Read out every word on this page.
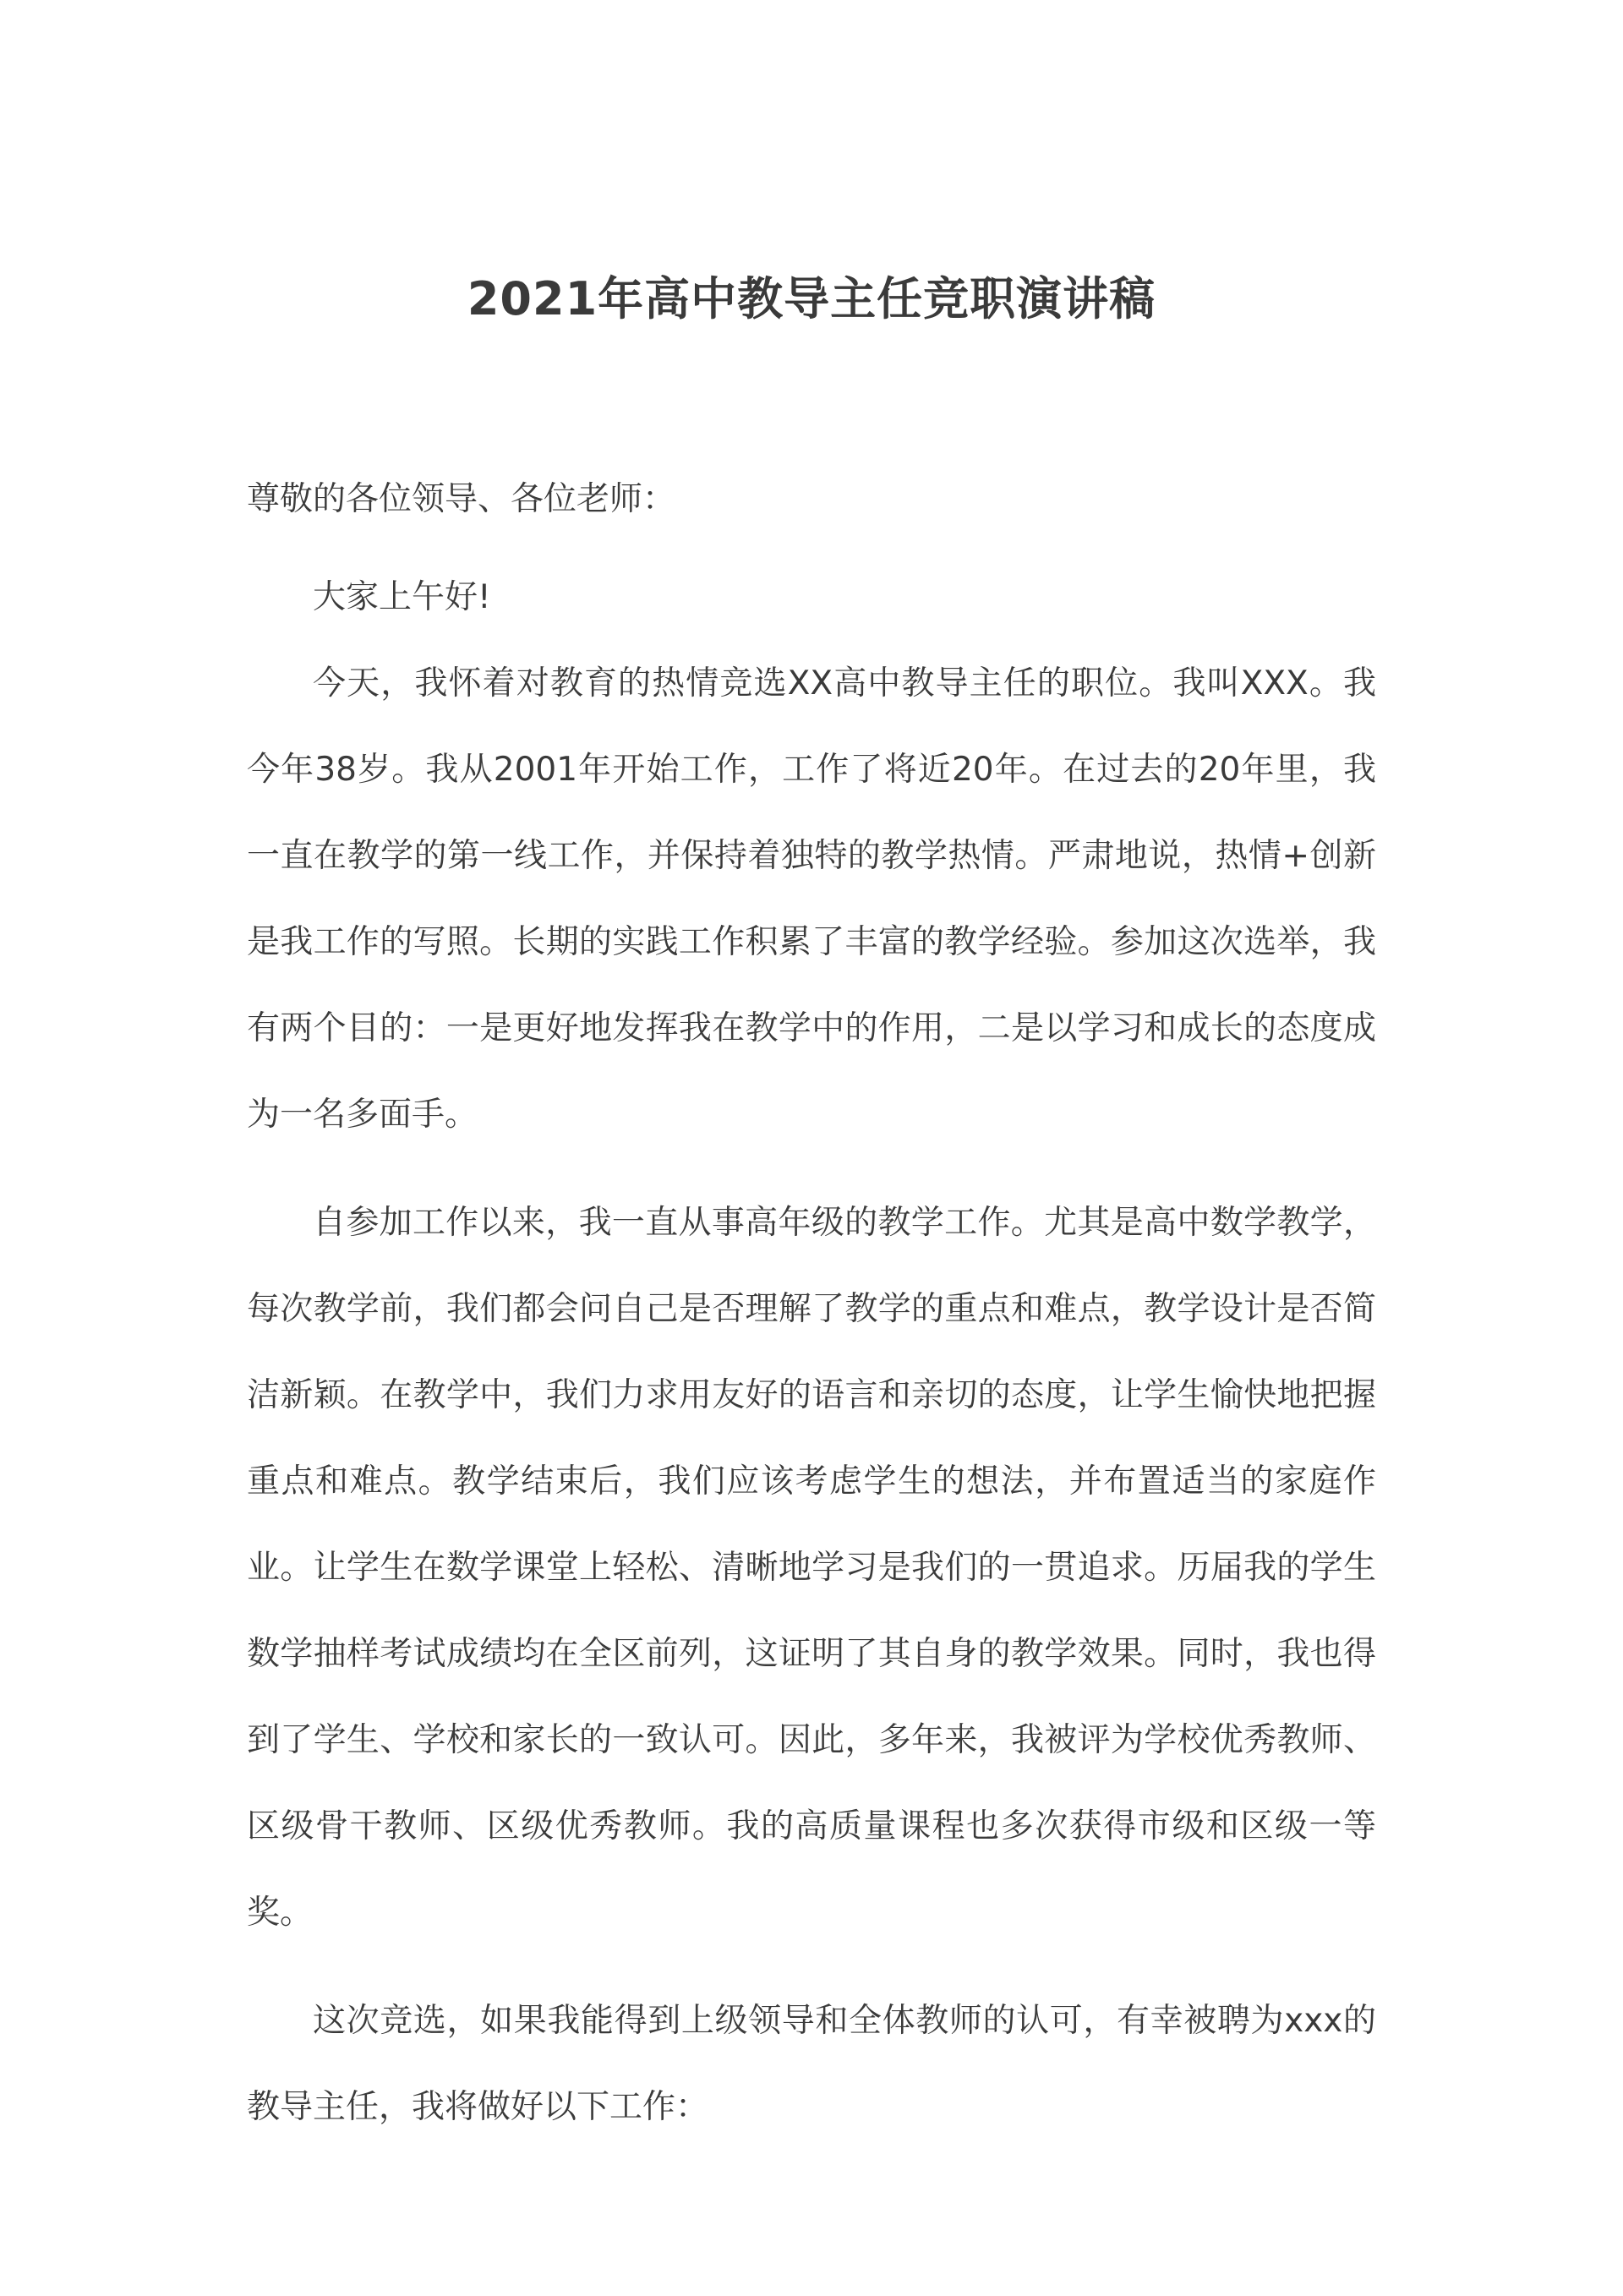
2021年高中教导主任竞职演讲稿

尊敬的各位领导、各位老师：

大家上午好!

今天，我怀着对教育的热情竞选XX高中教导主任的职位。我叫XXX。我今年38岁。我从2001年开始工作，工作了将近20年。在过去的20年里，我一直在教学的第一线工作，并保持着独特的教学热情。严肃地说，热情+创新是我工作的写照。长期的实践工作积累了丰富的教学经验。参加这次选举，我有两个目的：一是更好地发挥我在教学中的作用，二是以学习和成长的态度成为一名多面手。

自参加工作以来，我一直从事高年级的教学工作。尤其是高中数学教学，每次教学前，我们都会问自己是否理解了教学的重点和难点，教学设计是否简洁新颖。在教学中，我们力求用友好的语言和亲切的态度，让学生愉快地把握重点和难点。教学结束后，我们应该考虑学生的想法，并布置适当的家庭作业。让学生在数学课堂上轻松、清晰地学习是我们的一贯追求。历届我的学生数学抽样考试成绩均在全区前列，这证明了其自身的教学效果。同时，我也得到了学生、学校和家长的一致认可。因此，多年来，我被评为学校优秀教师、区级骨干教师、区级优秀教师。我的高质量课程也多次获得市级和区级一等奖。

这次竞选，如果我能得到上级领导和全体教师的认可，有幸被聘为xxx的教导主任，我将做好以下工作：
